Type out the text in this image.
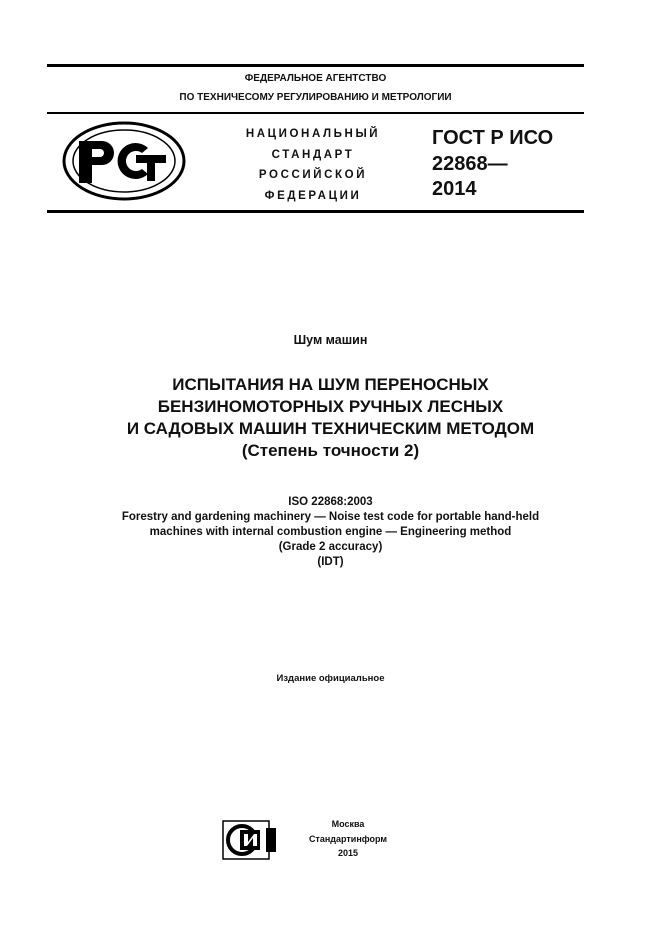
ФЕДЕРАЛЬНОЕ АГЕНТСТВО
ПО ТЕХНИЧЕСОМУ РЕГУЛИРОВАНИЮ И МЕТРОЛОГИИ
НАЦИОНАЛЬНЫЙ
СТАНДАРТ
РОССИЙСКОЙ
ФЕДЕРАЦИИ
ГОСТ Р ИСО
22868—
2014
Шум машин
ИСПЫТАНИЯ НА ШУМ ПЕРЕНОСНЫХ
БЕНЗИНОМОТОРНЫХ РУЧНЫХ ЛЕСНЫХ
И САДОВЫХ МАШИН ТЕХНИЧЕСКИМ МЕТОДОМ
(Степень точности 2)
ISO 22868:2003
Forestry and gardening machinery — Noise test code for portable hand-held
machines with internal combustion engine — Engineering method
(Grade 2 accuracy)
(IDT)
Издание официальное
Москва
Стандартинформ
2015
